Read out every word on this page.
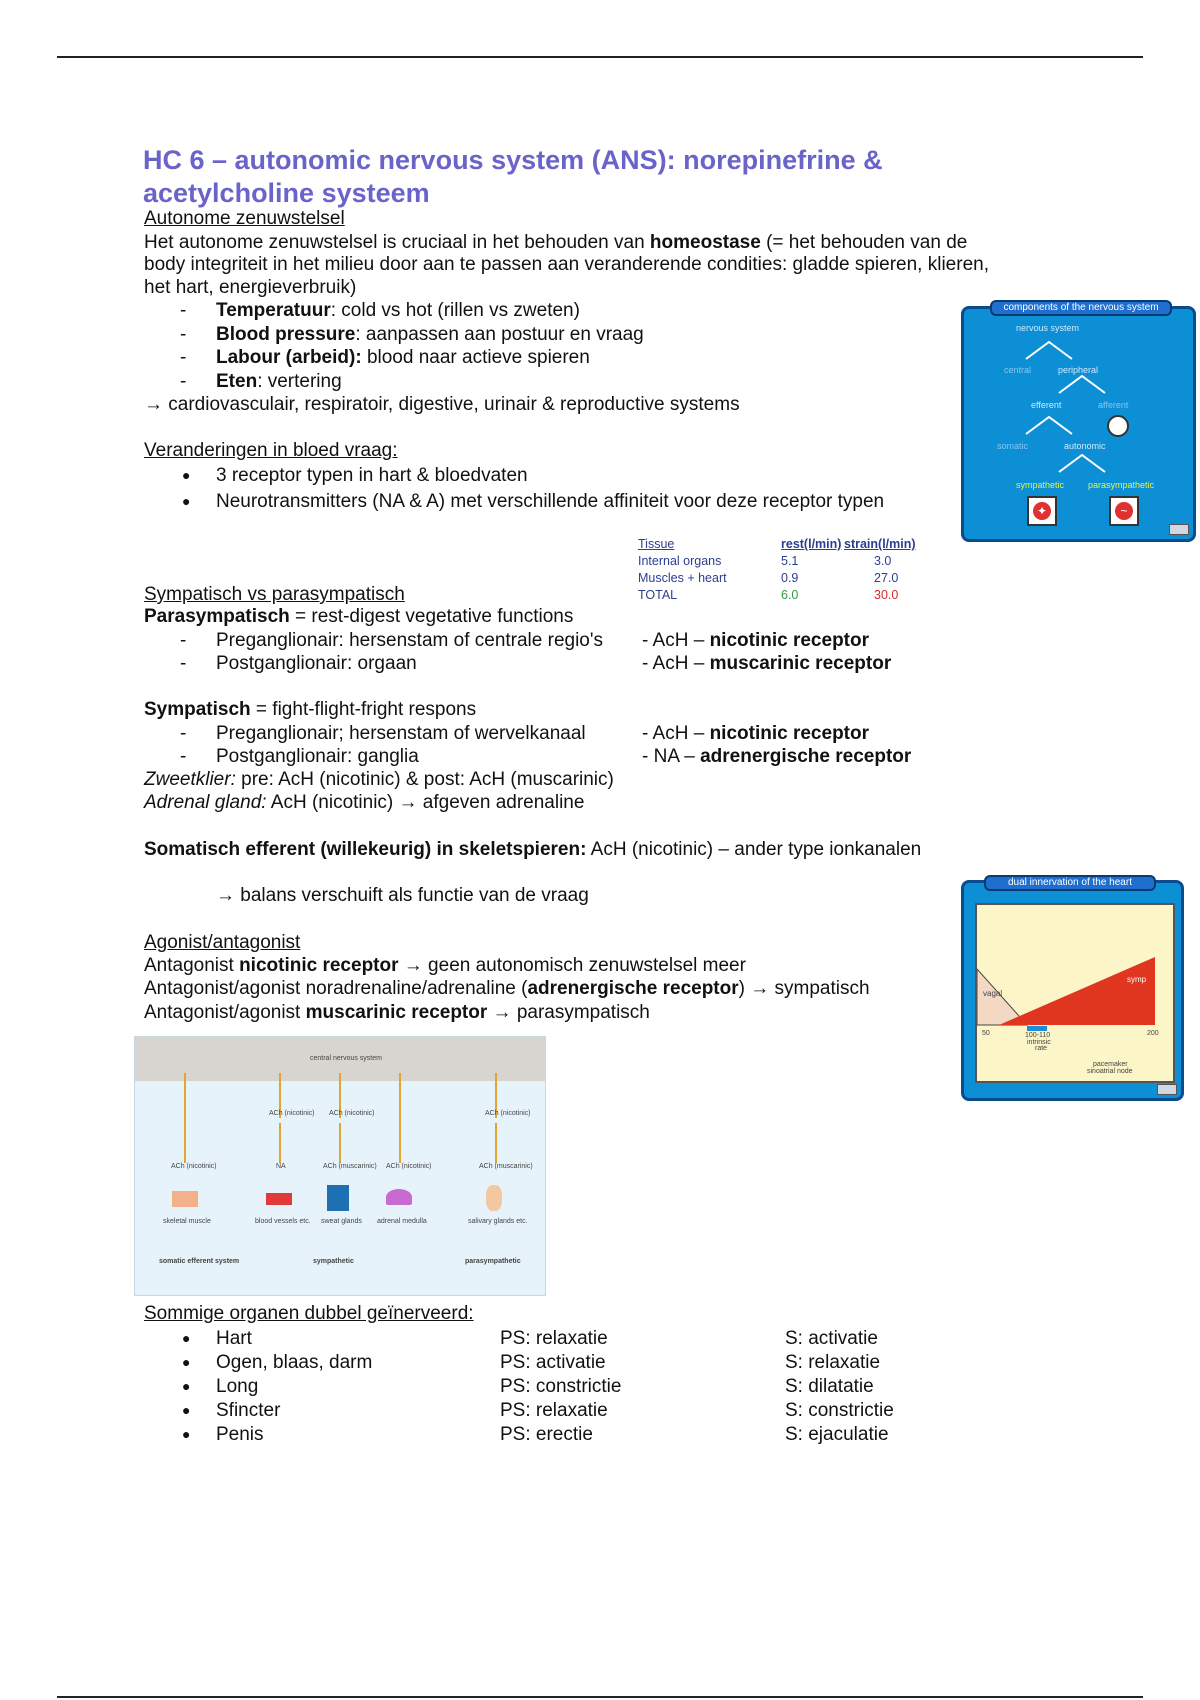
HC 6 – autonomic nervous system (ANS): norepinefrine & acetylcholine systeem
Autonome zenuwstelsel
Het autonome zenuwstelsel is cruciaal in het behouden van homeostase (= het behouden van de
body integriteit in het milieu door aan te passen aan veranderende condities: gladde spieren, klieren,
het hart, energieverbruik)
- Temperatuur: cold vs hot (rillen vs zweten)
- Blood pressure: aanpassen aan postuur en vraag
- Labour (arbeid): blood naar actieve spieren
- Eten: vertering
→ cardiovasculair, respiratoir, digestive, urinair & reproductive systems
Veranderingen in bloed vraag:
● 3 receptor typen in hart & bloedvaten
● Neurotransmitters (NA & A) met verschillende affiniteit voor deze receptor typen
Tissue	rest(l/min) strain(l/min)
Internal organs	5.1	3.0
Muscles + heart	0.9	27.0
TOTAL	6.0	30.0
Sympatisch vs parasympatisch
Parasympatisch = rest-digest vegetative functions
- Preganglionair: hersenstam of centrale regio's - AcH – nicotinic receptor
- Postganglionair: orgaan	- AcH – muscarinic receptor
Sympatisch = fight-flight-fright respons
- Preganglionair; hersenstam of wervelkanaal	- AcH – nicotinic receptor
- Postganglionair: ganglia	- NA – adrenergische receptor
Zweetklier: pre: AcH (nicotinic) & post: AcH (muscarinic)
Adrenal gland: AcH (nicotinic) → afgeven adrenaline
Somatisch efferent (willekeurig) in skeletspieren: AcH (nicotinic) – ander type ionkanalen
→ balans verschuift als functie van de vraag
Agonist/antagonist
Antagonist nicotinic receptor → geen autonomisch zenuwstelsel meer
Antagonist/agonist noradrenaline/adrenaline (adrenergische receptor) → sympatisch
Antagonist/agonist muscarinic receptor → parasympatisch
Sommige organen dubbel geïnerveerd:
● Hart	PS: relaxatie	S: activatie
● Ogen, blaas, darm	PS: activatie	S: relaxatie
● Long	PS: constrictie	S: dilatatie
● Sfincter	PS: relaxatie	S: constrictie
● Penis	PS: erectie	S: ejaculatie
components of the nervous system
nervous system
central	peripheral
efferent	afferent
somatic	autonomic
sympathetic	parasympathetic
✦	~
dual innervation of the heart
vagal
symp
50	100-110
intrinsic
rate
200
pacemaker
sinoatrial node
central nervous system
ACh (nicotinic) ACh (nicotinic)	ACh (nicotinic)
ACh (nicotinic)	NA	ACh (muscarinic) ACh (nicotinic)	ACh (muscarinic)
skeletal muscle	blood vessels etc. sweat glands adrenal medulla	salivary glands etc.
somatic efferent system	sympathetic	parasympathetic
